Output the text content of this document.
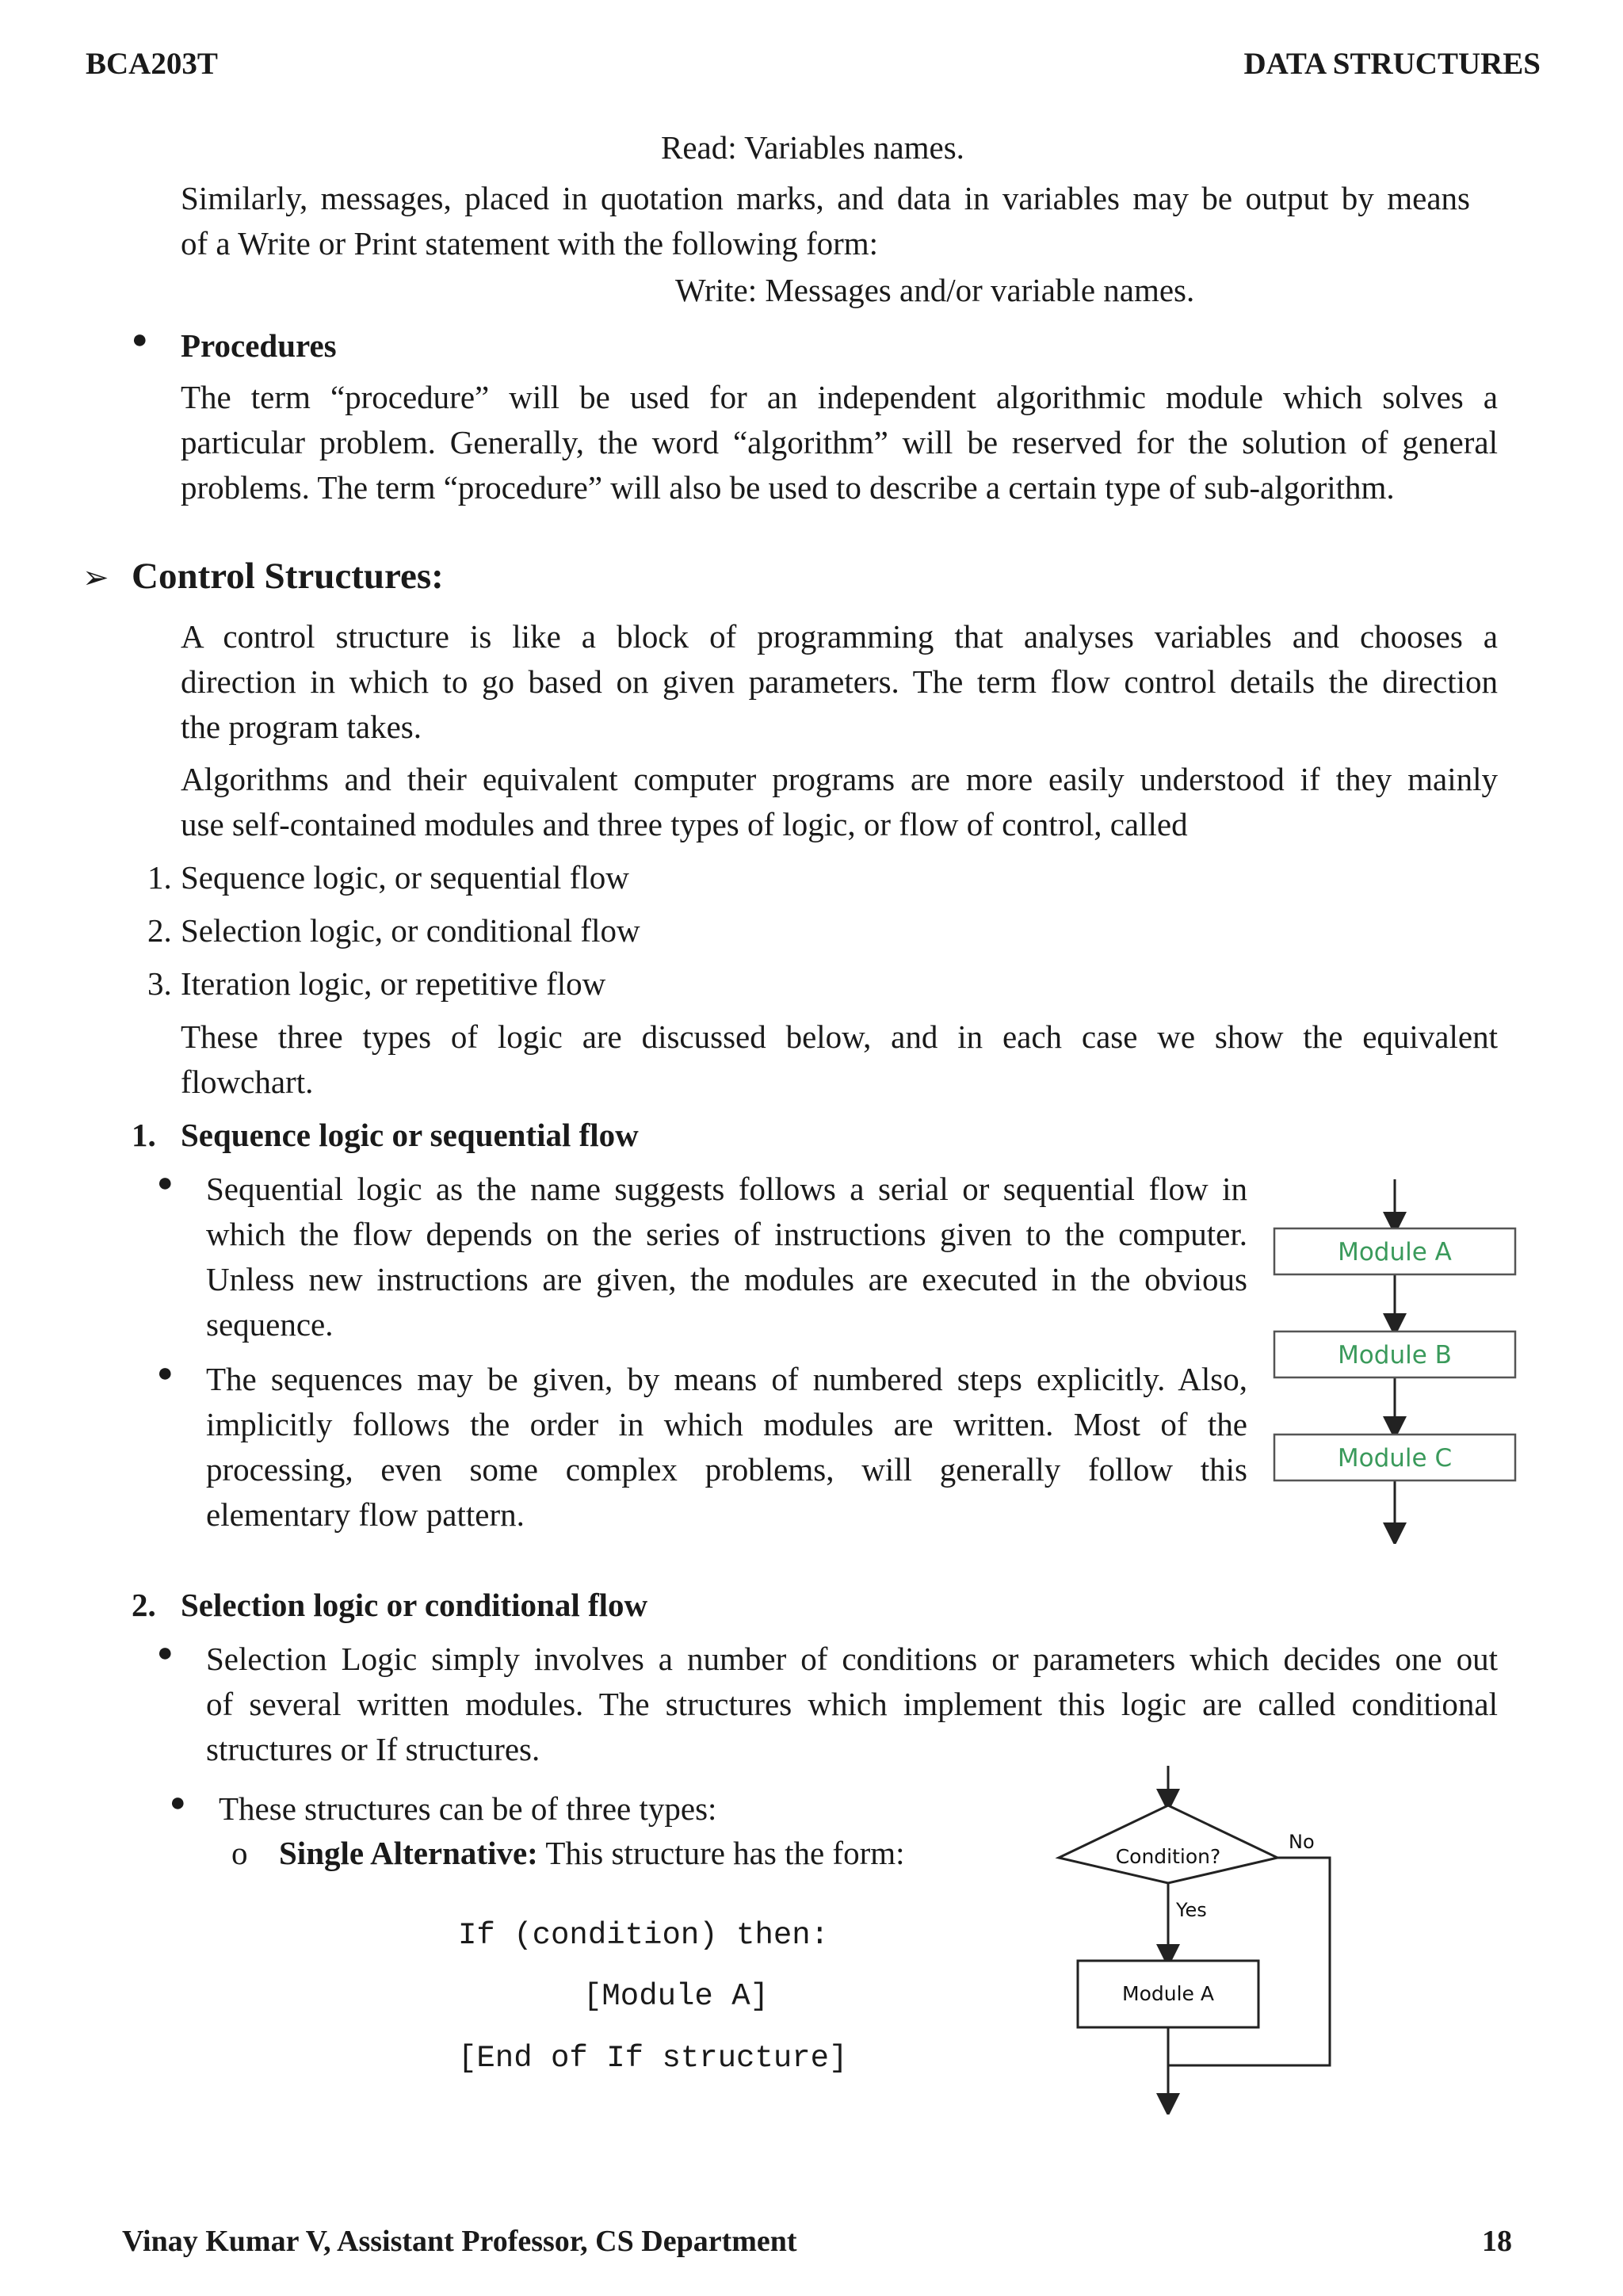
BCA203T	DATA STRUCTURES
Read: Variables names.
Similarly, messages, placed in quotation marks, and data in variables may be output by means
of a Write or Print statement with the following form:
Write: Messages and/or variable names.
● Procedures
The term “procedure” will be used for an independent algorithmic module which solves a
particular problem. Generally, the word “algorithm” will be reserved for the solution of general
problems. The term “procedure” will also be used to describe a certain type of sub-algorithm.
➢ Control Structures:
A control structure is like a block of programming that analyses variables and chooses a
direction in which to go based on given parameters. The term flow control details the direction
the program takes.
Algorithms and their equivalent computer programs are more easily understood if they mainly
use self-contained modules and three types of logic, or flow of control, called
1. Sequence logic, or sequential flow
2. Selection logic, or conditional flow
3. Iteration logic, or repetitive flow
These three types of logic are discussed below, and in each case we show the equivalent
flowchart.
1. Sequence logic or sequential flow
● Sequential logic as the name suggests follows a serial or sequential flow in
which the flow depends on the series of instructions given to the computer.
Unless new instructions are given, the modules are executed in the obvious
sequence.
● The sequences may be given, by means of numbered steps explicitly. Also,
implicitly follows the order in which modules are written. Most of the
processing, even some complex problems, will generally follow this
elementary flow pattern.
Module A
Module B
Module C
2. Selection logic or conditional flow
● Selection Logic simply involves a number of conditions or parameters which decides one out
of several written modules. The structures which implement this logic are called conditional
structures or If structures.
● These structures can be of three types:
o Single Alternative: This structure has the form:
If (condition) then:
[Module A]
[End of If structure]
Condition?
No
Yes
Module A
Vinay Kumar V, Assistant Professor, CS Department	18
